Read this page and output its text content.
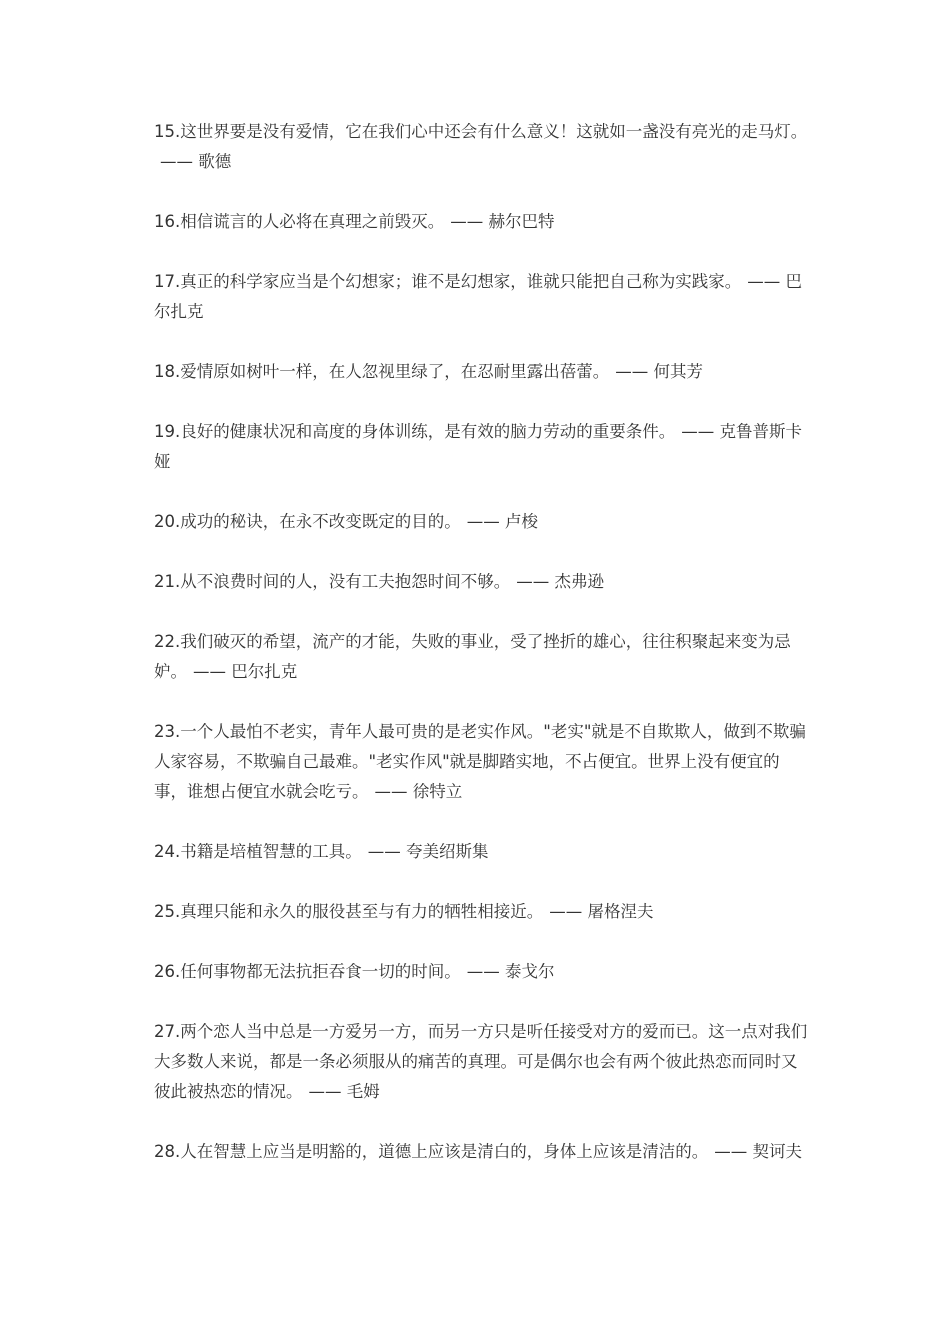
15.这世界要是没有爱情，它在我们心中还会有什么意义！这就如一盏没有亮光的走马灯。—— 歌德

16.相信谎言的人必将在真理之前毁灭。 —— 赫尔巴特

17.真正的科学家应当是个幻想家；谁不是幻想家，谁就只能把自己称为实践家。 —— 巴尔扎克

18.爱情原如树叶一样，在人忽视里绿了，在忍耐里露出蓓蕾。 —— 何其芳

19.良好的健康状况和高度的身体训练，是有效的脑力劳动的重要条件。 —— 克鲁普斯卡娅

20.成功的秘诀，在永不改变既定的目的。 —— 卢梭

21.从不浪费时间的人，没有工夫抱怨时间不够。 —— 杰弗逊

22.我们破灭的希望，流产的才能，失败的事业，受了挫折的雄心，往往积聚起来变为忌妒。 —— 巴尔扎克

23.一个人最怕不老实，青年人最可贵的是老实作风。"老实"就是不自欺欺人，做到不欺骗人家容易，不欺骗自己最难。"老实作风"就是脚踏实地，不占便宜。世界上没有便宜的事，谁想占便宜水就会吃亏。 —— 徐特立

24.书籍是培植智慧的工具。 —— 夸美绍斯集

25.真理只能和永久的服役甚至与有力的牺牲相接近。 —— 屠格涅夫

26.任何事物都无法抗拒吞食一切的时间。 —— 泰戈尔

27.两个恋人当中总是一方爱另一方，而另一方只是听任接受对方的爱而已。这一点对我们大多数人来说，都是一条必须服从的痛苦的真理。可是偶尔也会有两个彼此热恋而同时又彼此被热恋的情况。 —— 毛姆

28.人在智慧上应当是明豁的，道德上应该是清白的，身体上应该是清洁的。 —— 契诃夫
